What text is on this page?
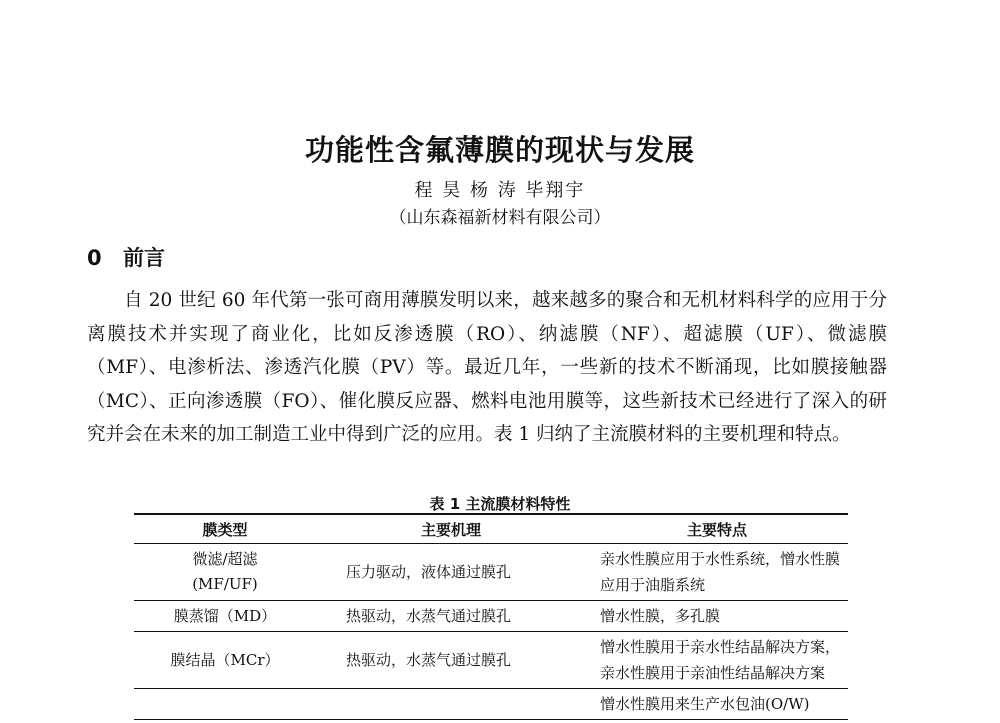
功能性含氟薄膜的现状与发展
程 昊 杨 涛 毕翔宇
（山东森福新材料有限公司）
0 前言

自 20 世纪 60 年代第一张可商用薄膜发明以来，越来越多的聚合和无机材料科学的应用于分离膜技术并实现了商业化，比如反渗透膜（RO）、纳滤膜（NF）、超滤膜（UF）、微滤膜（MF）、电渗析法、渗透汽化膜（PV）等。最近几年，一些新的技术不断涌现，比如膜接触器（MC）、正向渗透膜（FO）、催化膜反应器、燃料电池用膜等，这些新技术已经进行了深入的研究并会在未来的加工制造工业中得到广泛的应用。表 1 归纳了主流膜材料的主要机理和特点。

表 1 主流膜材料特性
膜类型	主要机理	主要特点
微滤/超滤
(MF/UF)	压力驱动，液体通过膜孔	亲水性膜应用于水性系统，憎水性膜应用于油脂系统
膜蒸馏（MD）	热驱动，水蒸气通过膜孔	憎水性膜，多孔膜
膜结晶（MCr）	热驱动，水蒸气通过膜孔	憎水性膜用于亲水性结晶解决方案，亲水性膜用于亲油性结晶解决方案
		憎水性膜用来生产水包油(O/W)
